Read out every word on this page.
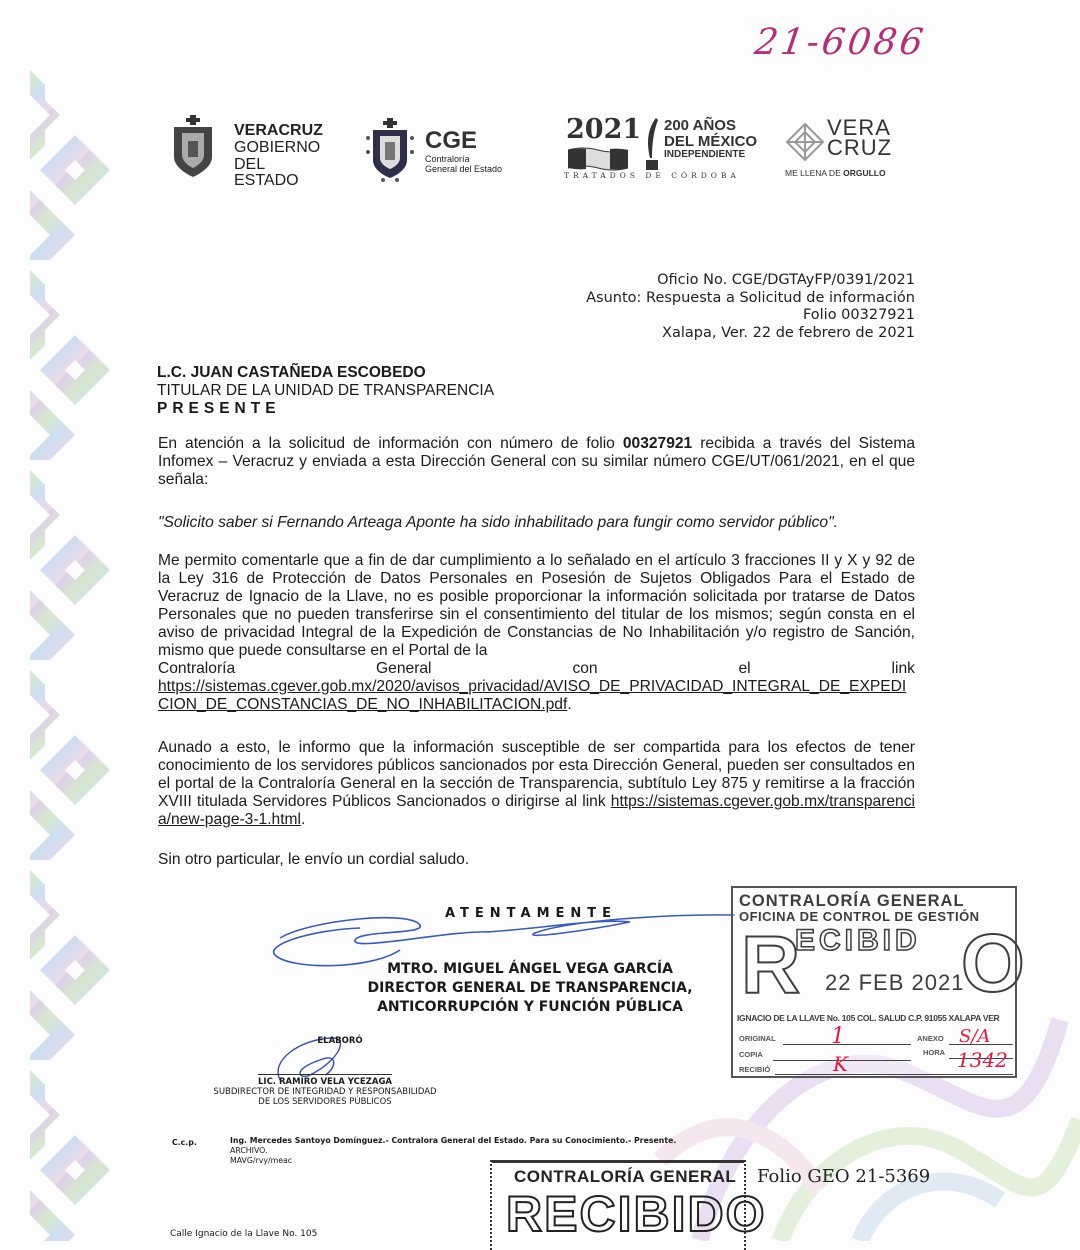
21-6086
VERACRUZ
GOBIERNO
DEL ESTADO
CGE
Contraloría
General del Estado
2021 200 AÑOS
DEL MÉXICO
INDEPENDIENTE
TRATADOS DE CÓRDOBA
VERA
CRUZ
ME LLENA DE ORGULLO
Oficio No. CGE/DGTAyFP/0391/2021
Asunto: Respuesta a Solicitud de información
Folio 00327921
Xalapa, Ver. 22 de febrero de 2021
L.C. JUAN CASTAÑEDA ESCOBEDO
TITULAR DE LA UNIDAD DE TRANSPARENCIA
PRESENTE
En atención a la solicitud de información con número de folio 00327921 recibida a través del Sistema Infomex – Veracruz y enviada a esta Dirección General con su similar número CGE/UT/061/2021, en el que señala:
"Solicito saber si Fernando Arteaga Aponte ha sido inhabilitado para fungir como servidor público".
Me permito comentarle que a fin de dar cumplimiento a lo señalado en el artículo 3 fracciones II y X y 92 de la Ley 316 de Protección de Datos Personales en Posesión de Sujetos Obligados Para el Estado de Veracruz de Ignacio de la Llave, no es posible proporcionar la información solicitada por tratarse de Datos Personales que no pueden transferirse sin el consentimiento del titular de los mismos; según consta en el aviso de privacidad Integral de la Expedición de Constancias de No Inhabilitación y/o registro de Sanción, mismo que puede consultarse en el Portal de la
Contraloría	General	con	el	link
https://sistemas.cgever.gob.mx/2020/avisos_privacidad/AVISO_DE_PRIVACIDAD_INTEGRAL_DE_EXPEDICION_DE_CONSTANCIAS_DE_NO_INHABILITACION.pdf.
Aunado a esto, le informo que la información susceptible de ser compartida para los efectos de tener conocimiento de los servidores públicos sancionados por esta Dirección General, pueden ser consultados en el portal de la Contraloría General en la sección de Transparencia, subtítulo Ley 875 y remitirse a la fracción XVIII titulada Servidores Públicos Sancionados o dirigirse al link https://sistemas.cgever.gob.mx/transparencia/new-page-3-1.html.
Sin otro particular, le envío un cordial saludo.
ATENTAMENTE
MTRO. MIGUEL ÁNGEL VEGA GARCÍA
DIRECTOR GENERAL DE TRANSPARENCIA,
ANTICORRUPCIÓN Y FUNCIÓN PÚBLICA
ELABORÓ
LIC. RAMIRO VELA YCEZAGA
SUBDIRECTOR DE INTEGRIDAD Y RESPONSABILIDAD
DE LOS SERVIDORES PÚBLICOS
C.c.p.	Ing. Mercedes Santoyo Domínguez.- Contralora General del Estado. Para su Conocimiento.- Presente.
ARCHIVO.
MAVG/rvy/meac
Calle Ignacio de la Llave No. 105
CONTRALORÍA GENERAL
OFICINA DE CONTROL DE GESTIÓN
R
ECIBID O
22 FEB 2021
IGNACIO DE LA LLAVE No. 105 COL. SALUD C.P. 91055 XALAPA VER
ORIGINAL	1	ANEXO S/A
COPIA	HORA 1342
RECIBIÓ	K
CONTRALORÍA GENERAL
RECIBIDO
Folio GEO 21-5369
